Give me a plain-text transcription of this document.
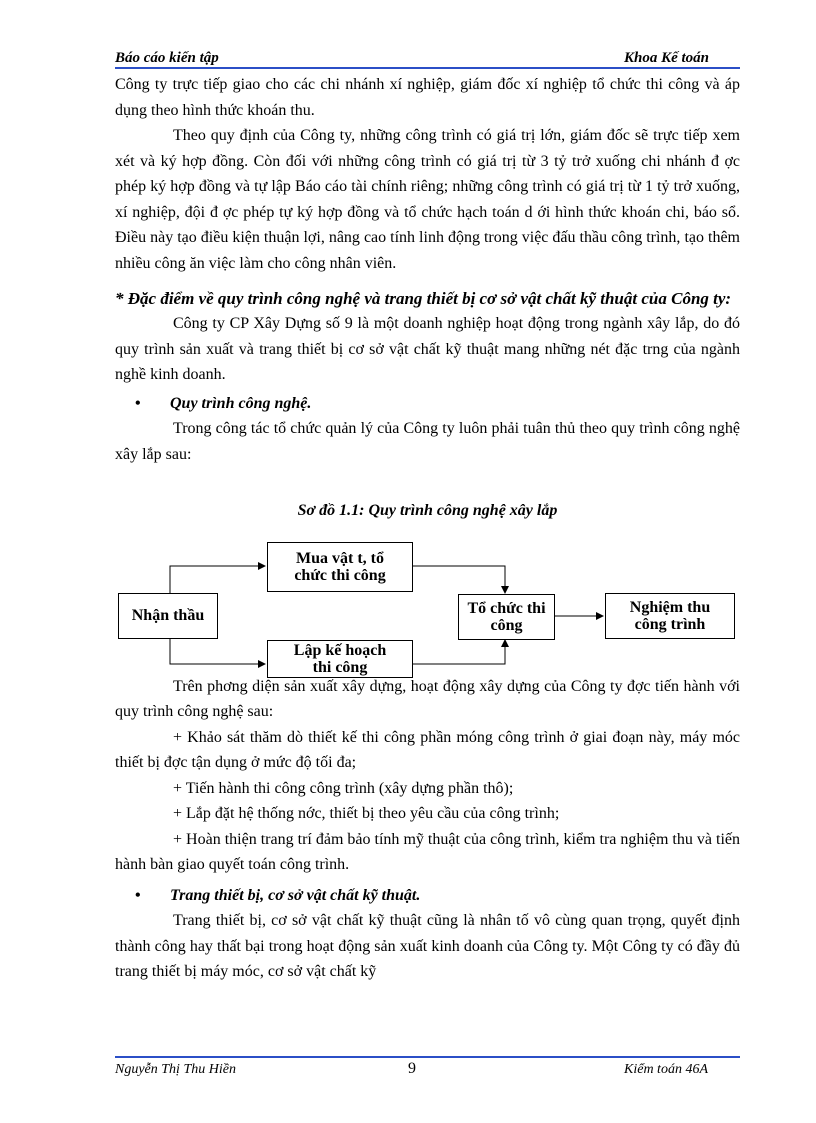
Báo cáo kiến tập	Khoa Kế toán

Công ty trực tiếp giao cho các chi nhánh xí nghiệp, giám đốc xí nghiệp tổ chức thi công và áp dụng theo hình thức khoán thu.

Theo quy định của Công ty, những công trình có giá trị lớn, giám đốc sẽ trực tiếp xem xét và ký hợp đồng. Còn đối với những công trình có giá trị từ 3 tỷ trở xuống chi nhánh đ ợc phép ký hợp đồng và tự lập Báo cáo tài chính riêng; những công trình có giá trị từ 1 tỷ trở xuống, xí nghiệp, đội đ ợc phép tự ký hợp đồng và tổ chức hạch toán d ới hình thức khoán chi, báo sổ. Điều này tạo điều kiện thuận lợi, nâng cao tính linh động trong việc đấu thầu công trình, tạo thêm nhiều công ăn việc làm cho công nhân viên.

* Đặc điểm về quy trình công nghệ và trang thiết bị cơ sở vật chất kỹ thuật của Công ty:

Công ty CP Xây Dựng số 9 là một doanh nghiệp hoạt động trong ngành xây lắp, do đó quy trình sản xuất và trang thiết bị cơ sở vật chất kỹ thuật mang những nét đặc trng của ngành nghề kinh doanh.

• Quy trình công nghệ.

Trong công tác tổ chức quản lý của Công ty luôn phải tuân thủ theo quy trình công nghệ xây lắp sau:

Sơ đồ 1.1: Quy trình công nghệ xây lắp

Nhận thầu
Mua vật t, tổ
chức thi công
Lập kế hoạch
thi công
Tổ chức thi
công
Nghiệm thu
công trình

Trên phơng diện sản xuất xây dựng, hoạt động xây dựng của Công ty đợc tiến hành với quy trình công nghệ sau:

+ Khảo sát thăm dò thiết kế thi công phần móng công trình ở giai đoạn này, máy móc thiết bị đợc tận dụng ở mức độ tối đa;

+ Tiến hành thi công công trình (xây dựng phần thô);

+ Lắp đặt hệ thống nớc, thiết bị theo yêu cầu của công trình;

+ Hoàn thiện trang trí đảm bảo tính mỹ thuật của công trình, kiểm tra nghiệm thu và tiến hành bàn giao quyết toán công trình.

• Trang thiết bị, cơ sở vật chất kỹ thuật.

Trang thiết bị, cơ sở vật chất kỹ thuật cũng là nhân tố vô cùng quan trọng, quyết định thành công hay thất bại trong hoạt động sản xuất kinh doanh của Công ty. Một Công ty có đầy đủ trang thiết bị máy móc, cơ sở vật chất kỹ

Nguyễn Thị Thu Hiền	9	Kiểm toán 46A
